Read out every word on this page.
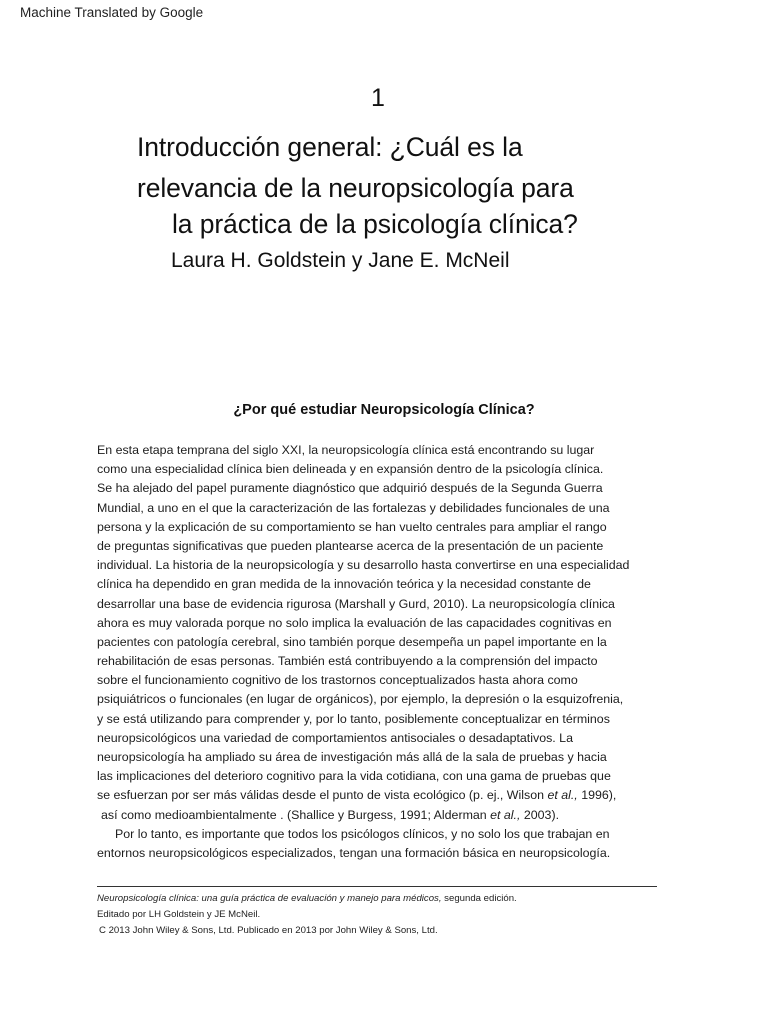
Machine Translated by Google
1
Introducción general: ¿Cuál es la
relevancia de la neuropsicología para
la práctica de la psicología clínica?
Laura H. Goldstein y Jane E. McNeil
¿Por qué estudiar Neuropsicología Clínica?
En esta etapa temprana del siglo XXI, la neuropsicología clínica está encontrando su lugar
como una especialidad clínica bien delineada y en expansión dentro de la psicología clínica.
Se ha alejado del papel puramente diagnóstico que adquirió después de la Segunda Guerra
Mundial, a uno en el que la caracterización de las fortalezas y debilidades funcionales de una
persona y la explicación de su comportamiento se han vuelto centrales para ampliar el rango
de preguntas significativas que pueden plantearse acerca de la presentación de un paciente
individual. La historia de la neuropsicología y su desarrollo hasta convertirse en una especialidad
clínica ha dependido en gran medida de la innovación teórica y la necesidad constante de
desarrollar una base de evidencia rigurosa (Marshall y Gurd, 2010). La neuropsicología clínica
ahora es muy valorada porque no solo implica la evaluación de las capacidades cognitivas en
pacientes con patología cerebral, sino también porque desempeña un papel importante en la
rehabilitación de esas personas. También está contribuyendo a la comprensión del impacto
sobre el funcionamiento cognitivo de los trastornos conceptualizados hasta ahora como
psiquiátricos o funcionales (en lugar de orgánicos), por ejemplo, la depresión o la esquizofrenia,
y se está utilizando para comprender y, por lo tanto, posiblemente conceptualizar en términos
neuropsicológicos una variedad de comportamientos antisociales o desadaptativos. La
neuropsicología ha ampliado su área de investigación más allá de la sala de pruebas y hacia
las implicaciones del deterioro cognitivo para la vida cotidiana, con una gama de pruebas que
se esfuerzan por ser más válidas desde el punto de vista ecológico (p. ej., Wilson et al., 1996),
así como medioambientalmente . (Shallice y Burgess, 1991; Alderman et al., 2003).
Por lo tanto, es importante que todos los psicólogos clínicos, y no solo los que trabajan en
entornos neuropsicológicos especializados, tengan una formación básica en neuropsicología.
Neuropsicología clínica: una guía práctica de evaluación y manejo para médicos, segunda edición.
Editado por LH Goldstein y JE McNeil.
C 2013 John Wiley & Sons, Ltd. Publicado en 2013 por John Wiley & Sons, Ltd.
